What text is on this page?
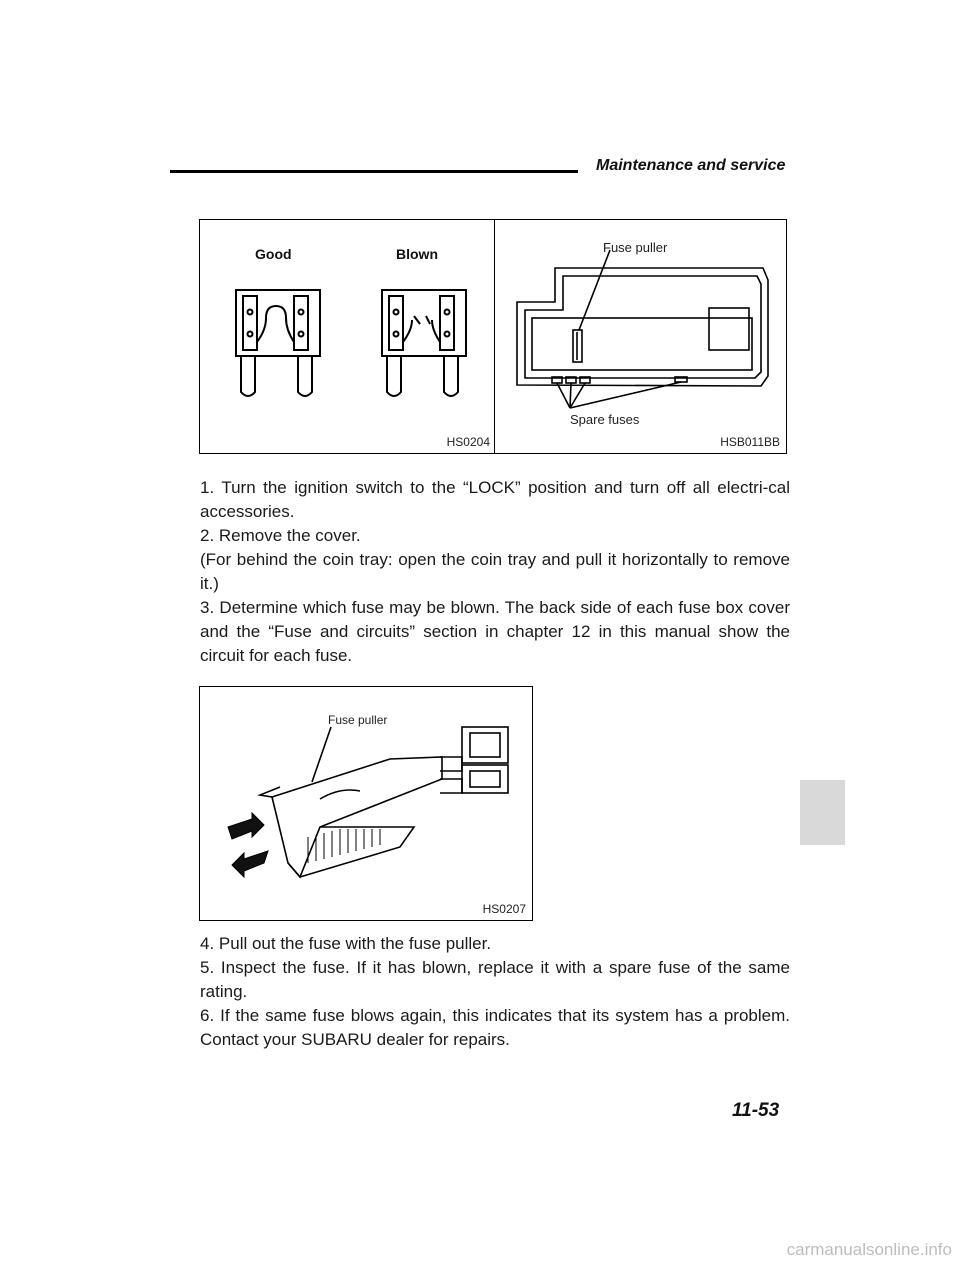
Maintenance and service
Good	Blown
HS0204
Fuse puller
Spare fuses
HSB011BB

1. Turn the ignition switch to the “LOCK” position and turn off all electri-cal accessories.

2. Remove the cover.

(For behind the coin tray: open the coin tray and pull it horizontally to remove it.)

3. Determine which fuse may be blown. The back side of each fuse box cover and the “Fuse and circuits” section in chapter 12 in this manual show the circuit for each fuse.

Fuse puller
HS0207

4. Pull out the fuse with the fuse puller.

5. Inspect the fuse. If it has blown, replace it with a spare fuse of the same rating.

6. If the same fuse blows again, this indicates that its system has a problem. Contact your SUBARU dealer for repairs.

11-53
carmanualsonline.info
